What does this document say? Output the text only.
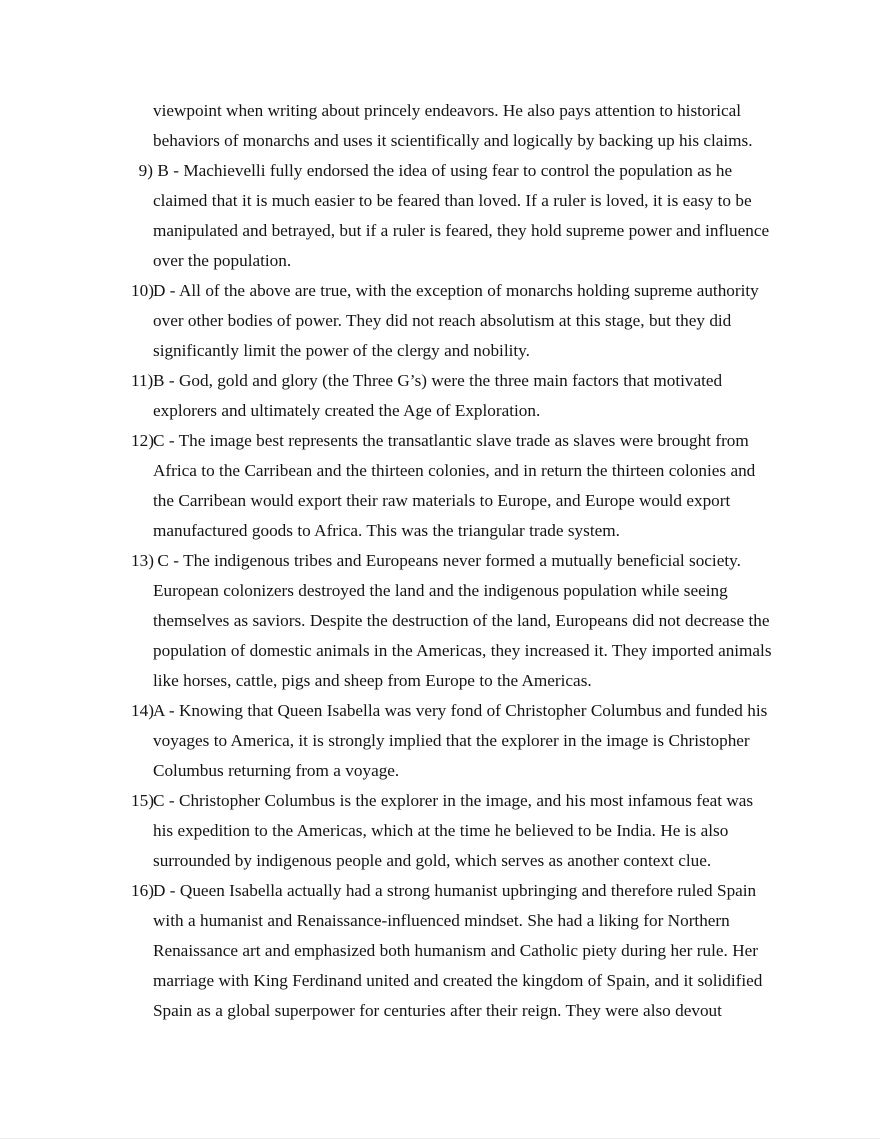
viewpoint when writing about princely endeavors. He also pays attention to historical
behaviors of monarchs and uses it scientifically and logically by backing up his claims.
9) B - Machievelli fully endorsed the idea of using fear to control the population as he claimed that it is much easier to be feared than loved. If a ruler is loved, it is easy to be manipulated and betrayed, but if a ruler is feared, they hold supreme power and influence over the population.
10) D - All of the above are true, with the exception of monarchs holding supreme authority over other bodies of power. They did not reach absolutism at this stage, but they did significantly limit the power of the clergy and nobility.
11) B - God, gold and glory (the Three G’s) were the three main factors that motivated explorers and ultimately created the Age of Exploration.
12) C - The image best represents the transatlantic slave trade as slaves were brought from Africa to the Carribean and the thirteen colonies, and in return the thirteen colonies and the Carribean would export their raw materials to Europe, and Europe would export manufactured goods to Africa. This was the triangular trade system.
13) C - The indigenous tribes and Europeans never formed a mutually beneficial society. European colonizers destroyed the land and the indigenous population while seeing themselves as saviors. Despite the destruction of the land, Europeans did not decrease the population of domestic animals in the Americas, they increased it. They imported animals like horses, cattle, pigs and sheep from Europe to the Americas.
14) A - Knowing that Queen Isabella was very fond of Christopher Columbus and funded his voyages to America, it is strongly implied that the explorer in the image is Christopher Columbus returning from a voyage.
15) C - Christopher Columbus is the explorer in the image, and his most infamous feat was his expedition to the Americas, which at the time he believed to be India. He is also surrounded by indigenous people and gold, which serves as another context clue.
16) D - Queen Isabella actually had a strong humanist upbringing and therefore ruled Spain with a humanist and Renaissance-influenced mindset. She had a liking for Northern Renaissance art and emphasized both humanism and Catholic piety during her rule. Her marriage with King Ferdinand united and created the kingdom of Spain, and it solidified Spain as a global superpower for centuries after their reign. They were also devout
